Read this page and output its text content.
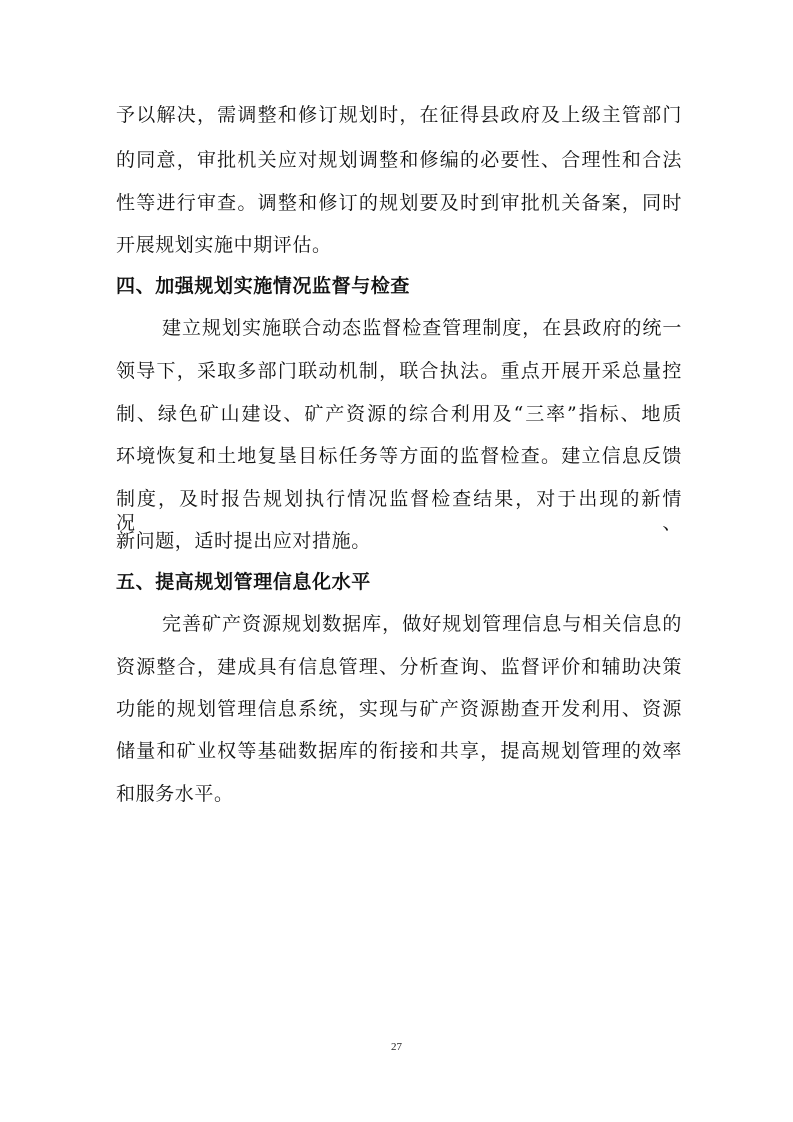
予以解决，需调整和修订规划时，在征得县政府及上级主管部门
的同意，审批机关应对规划调整和修编的必要性、合理性和合法
性等进行审查。调整和修订的规划要及时到审批机关备案，同时
开展规划实施中期评估。
四、加强规划实施情况监督与检查
建立规划实施联合动态监督检查管理制度，在县政府的统一
领导下，采取多部门联动机制，联合执法。重点开展开采总量控
制、绿色矿山建设、矿产资源的综合利用及“三率”指标、地质
环境恢复和土地复垦目标任务等方面的监督检查。建立信息反馈
制度，及时报告规划执行情况监督检查结果，对于出现的新情况、
新问题，适时提出应对措施。
五、提高规划管理信息化水平
完善矿产资源规划数据库，做好规划管理信息与相关信息的
资源整合，建成具有信息管理、分析查询、监督评价和辅助决策
功能的规划管理信息系统，实现与矿产资源勘查开发利用、资源
储量和矿业权等基础数据库的衔接和共享，提高规划管理的效率
和服务水平。
27
